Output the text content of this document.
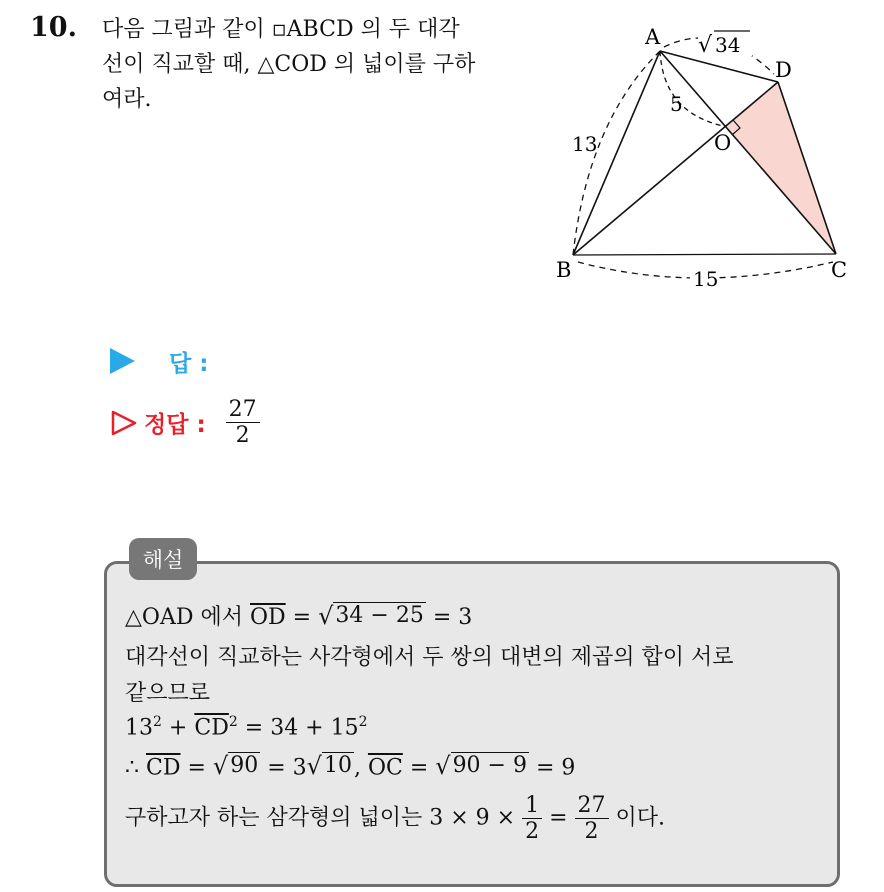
10. 다음 그림과 같이 ▫ABCD 의 두 대각
선이 직교할 때, △COD 의 넓이를 구하
여라.

A
B	C
D
O
13
5
15
√ 34
답 :
정답 : $\frac{27}{2}$
해설
△OAD 에서 $\overline{OD}$ = √ 34 − 25 = 3
대각선이 직교하는 사각형에서 두 쌍의 대변의 제곱의 합이 서로
같으므로
$13^2 + \overline{CD}^2 = 34 + 15^2$
∴ $\overline{CD}$ = √ 90 = 3 √ 10 , $\overline{OC}$ = √ 90 − 9 = 9
구하고자 하는 삼각형의 넓이는 $3 \times 9 \times \frac{1}{2} = \frac{27}{2}$ 이다.
